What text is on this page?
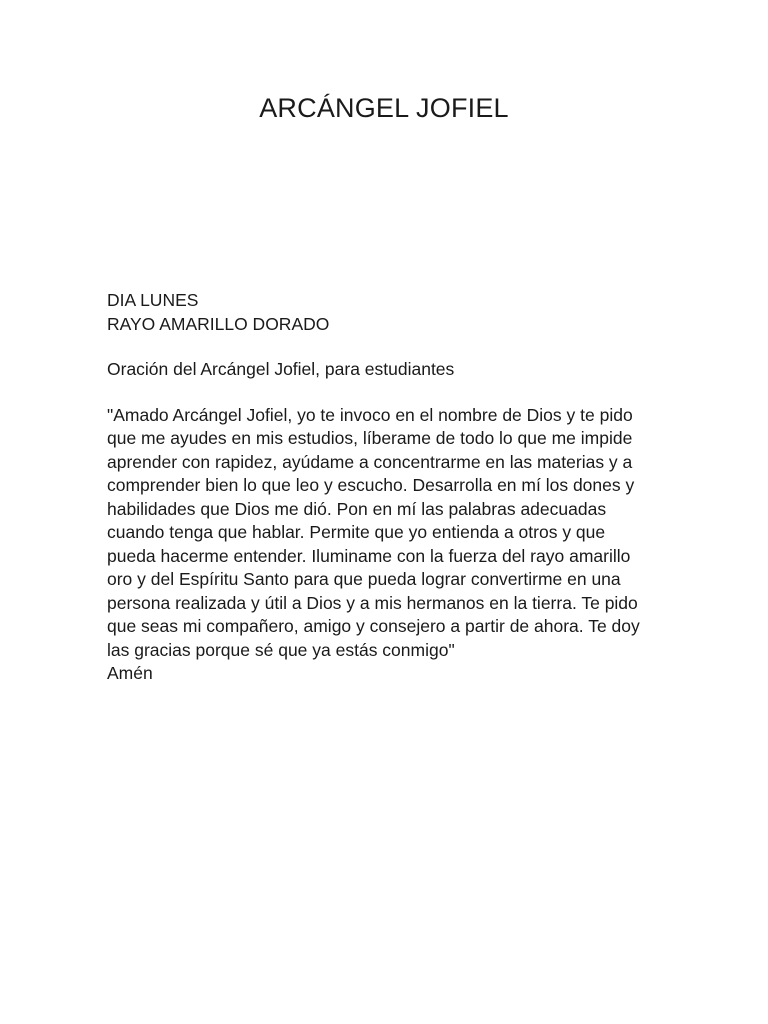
ARCÁNGEL JOFIEL
DIA LUNES
RAYO AMARILLO DORADO
Oración del Arcángel Jofiel, para estudiantes
"Amado Arcángel Jofiel, yo te invoco en el nombre de Dios y te pido
que me ayudes en mis estudios, líberame de todo lo que me impide
aprender con rapidez, ayúdame a concentrarme en las materias y a
comprender bien lo que leo y escucho. Desarrolla en mí los dones y
habilidades que Dios me dió. Pon en mí las palabras adecuadas
cuando tenga que hablar. Permite que yo entienda a otros y que
pueda hacerme entender. Iluminame con la fuerza del rayo amarillo
oro y del Espíritu Santo para que pueda lograr convertirme en una
persona realizada y útil a Dios y a mis hermanos en la tierra. Te pido
que seas mi compañero, amigo y consejero a partir de ahora. Te doy
las gracias porque sé que ya estás conmigo"
Amén
